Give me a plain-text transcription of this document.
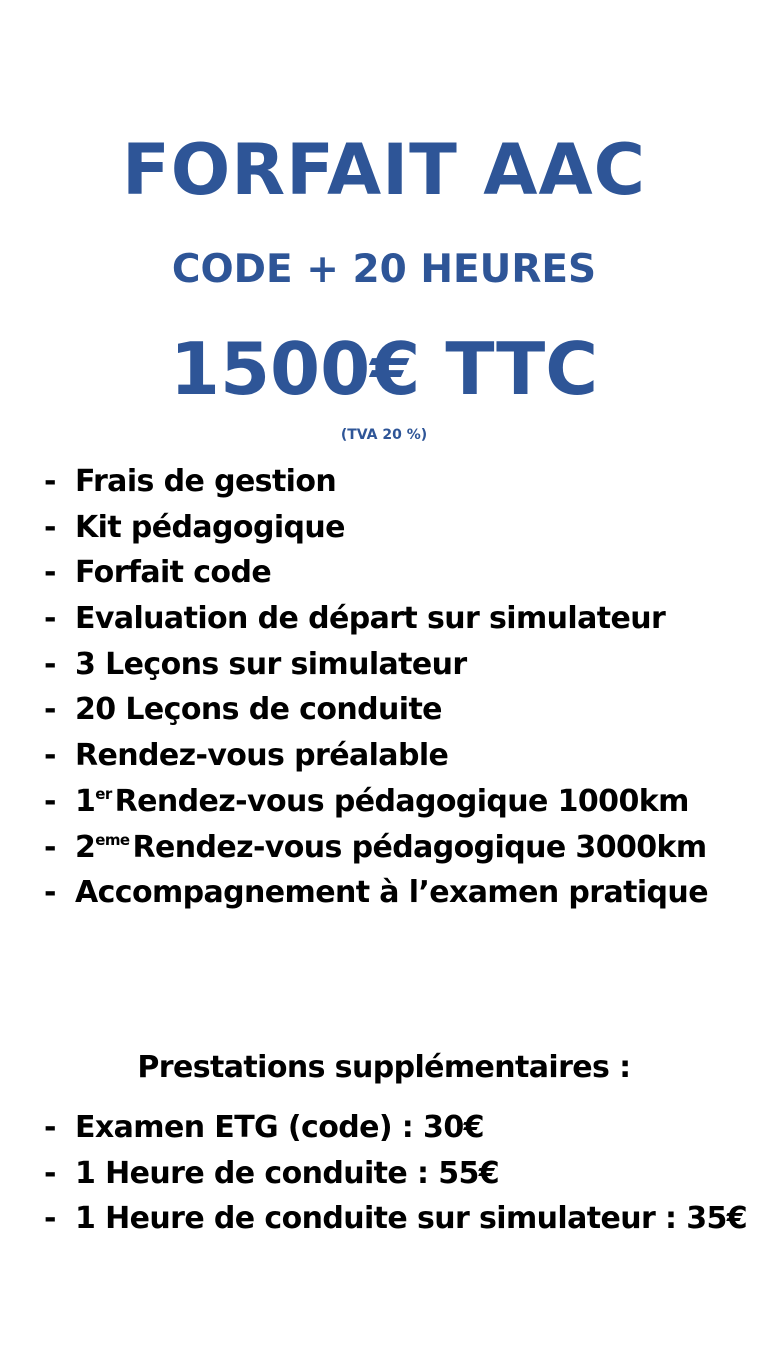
FORFAIT AAC
CODE + 20 HEURES
1500€ TTC
(TVA 20 %)
- Frais de gestion
- Kit pédagogique
- Forfait code
- Evaluation de départ sur simulateur
- 3 Leçons sur simulateur
- 20 Leçons de conduite
- Rendez-vous préalable
- 1er Rendez-vous pédagogique 1000km
- 2eme Rendez-vous pédagogique 3000km
- Accompagnement à l’examen pratique
Prestations supplémentaires :
- Examen ETG (code) : 30€
- 1 Heure de conduite : 55€
- 1 Heure de conduite sur simulateur : 35€
